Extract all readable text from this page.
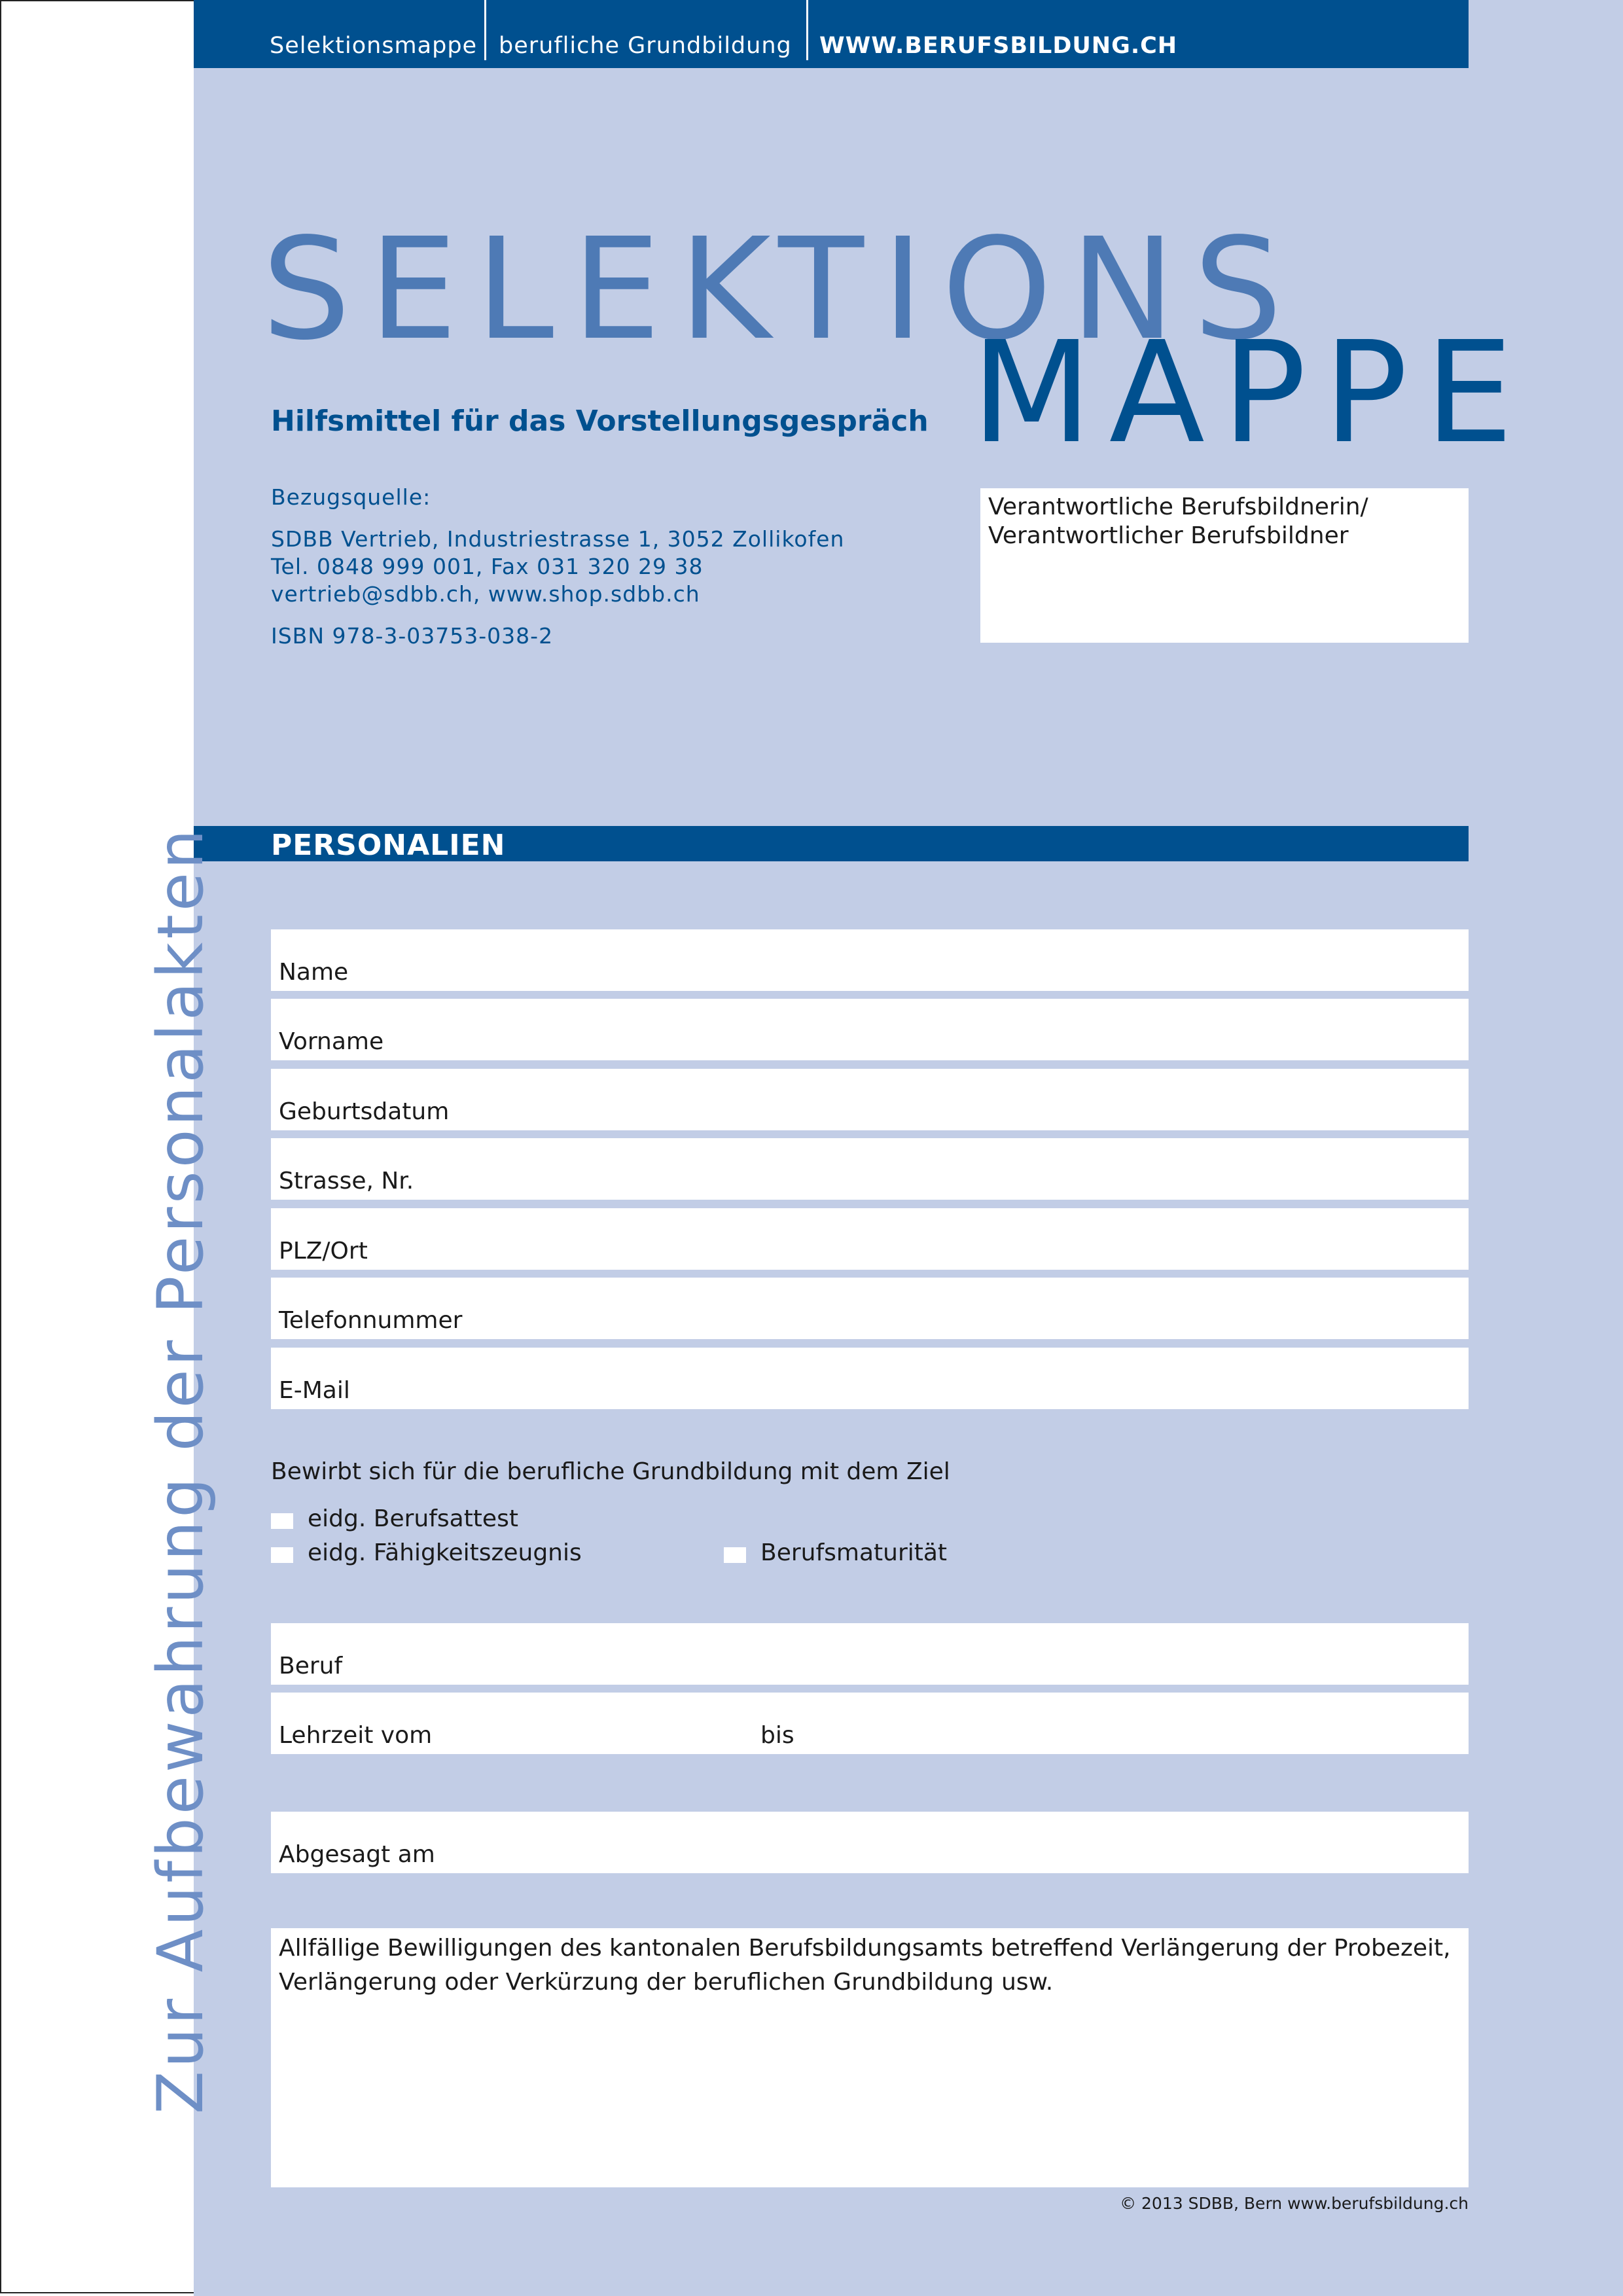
Selektionsmappe berufliche Grundbildung WWW.BERUFSBILDUNG.CH
SELEKTIONS
MAPPE
Hilfsmittel für das Vorstellungsgespräch
Bezugsquelle:
SDBB Vertrieb, Industriestrasse 1, 3052 Zollikofen
Tel. 0848 999 001, Fax 031 320 29 38
vertrieb@sdbb.ch, www.shop.sdbb.ch
ISBN 978-3-03753-038-2
Verantwortliche Berufsbildnerin/
Verantwortlicher Berufsbildner
PERSONALIEN
Name
Vorname
Geburtsdatum
Strasse, Nr.
PLZ/Ort
Telefonnummer
E-Mail
Bewirbt sich für die berufliche Grundbildung mit dem Ziel
eidg. Berufsattest
eidg. Fähigkeitszeugnis	Berufsmaturität
Beruf
Lehrzeit vom	bis
Abgesagt am
Allfällige Bewilligungen des kantonalen Berufsbildungsamts betreffend Verlängerung der Probezeit,
Verlängerung oder Verkürzung der beruflichen Grundbildung usw.
© 2013 SDBB, Bern www.berufsbildung.ch
Zur Aufbewahrung der Personalakten
